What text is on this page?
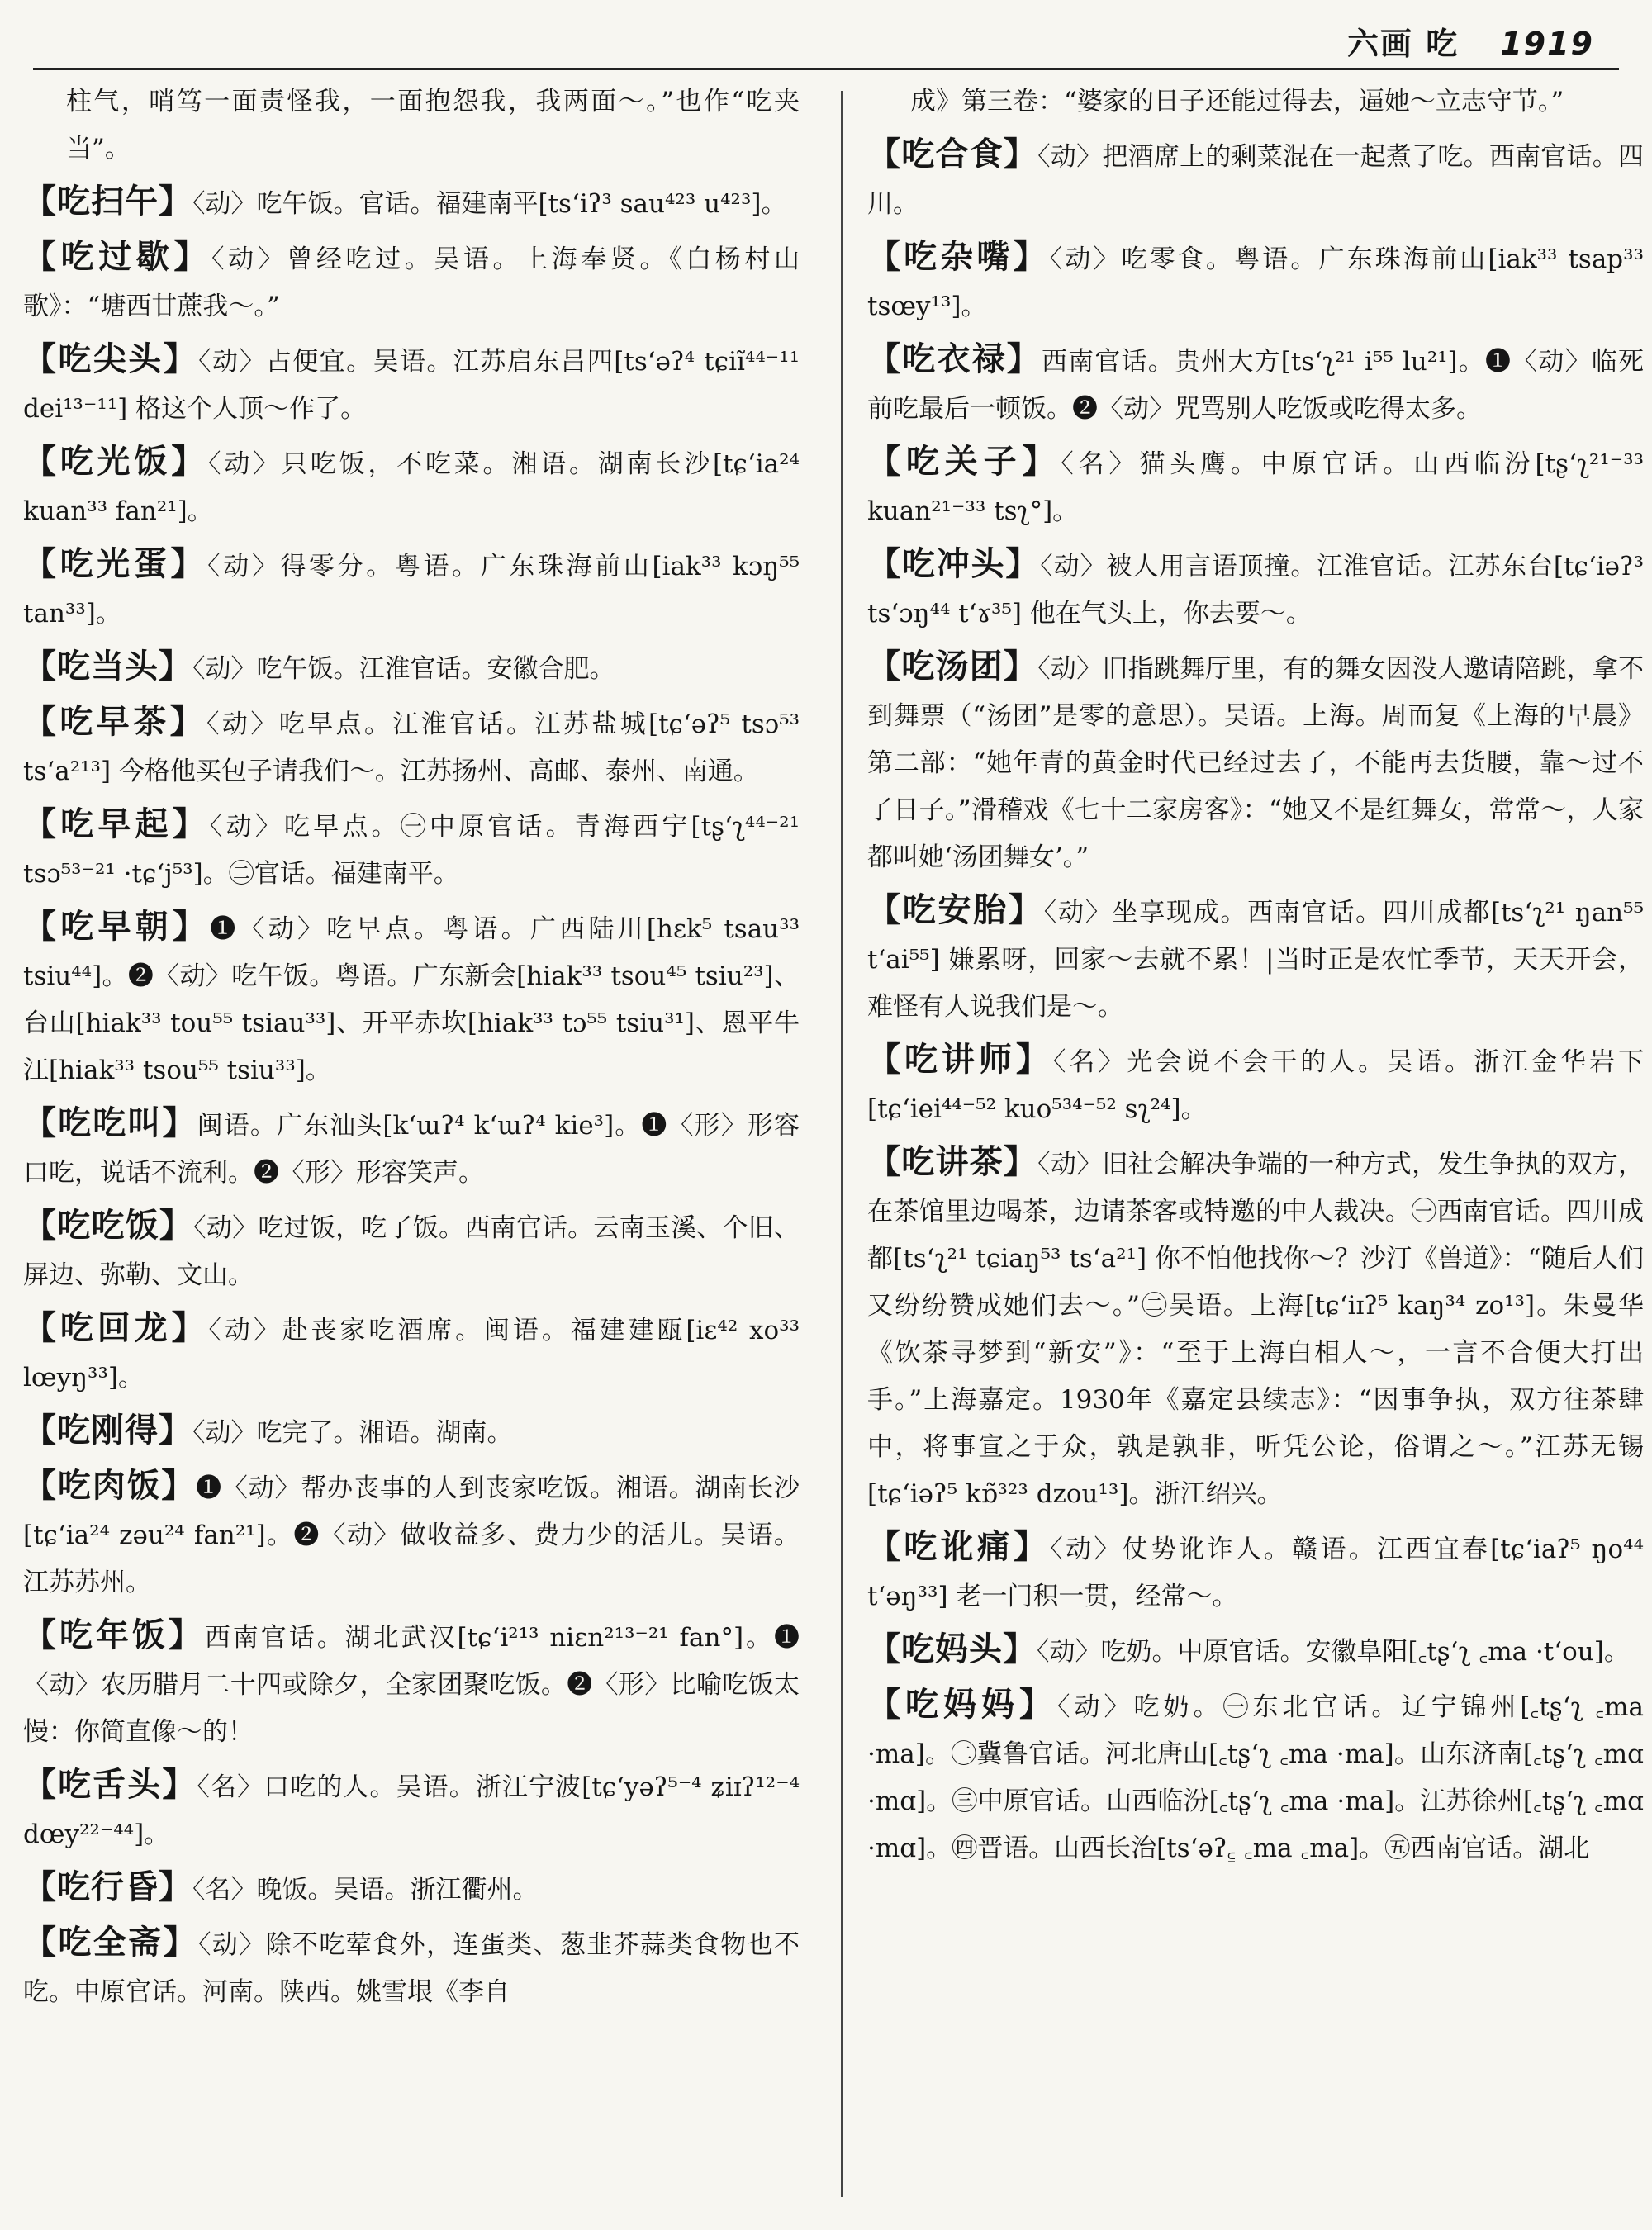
六画 吃 1919

柱气，哨笃一面责怪我，一面抱怨我，我两面～。”也作“吃夹当”。

【吃扫午】〈动〉吃午饭。官话。福建南平[tsʻiʔ³ sau⁴²³ u⁴²³]。

【吃过歇】〈动〉曾经吃过。吴语。上海奉贤。《白杨村山歌》：“塘西甘蔗我～。”

【吃尖头】〈动〉占便宜。吴语。江苏启东吕四[tsʻəʔ⁴ tɕiĩ⁴⁴⁻¹¹ dei¹³⁻¹¹] 格这个人顶～作了。

【吃光饭】〈动〉只吃饭，不吃菜。湘语。湖南长沙[tɕʻia²⁴ kuan³³ fan²¹]。

【吃光蛋】〈动〉得零分。粤语。广东珠海前山[iak³³ kɔŋ⁵⁵ tan³³]。

【吃当头】〈动〉吃午饭。江淮官话。安徽合肥。

【吃早茶】〈动〉吃早点。江淮官话。江苏盐城[tɕʻəʔ⁵ tsɔ⁵³ tsʻa²¹³] 今格他买包子请我们～。江苏扬州、高邮、泰州、南通。

【吃早起】〈动〉吃早点。㊀中原官话。青海西宁[tʂʻʅ⁴⁴⁻²¹ tsɔ⁵³⁻²¹ ·tɕʻj⁵³]。㊁官话。福建南平。

【吃早朝】❶〈动〉吃早点。粤语。广西陆川[hɛk⁵ tsau³³ tsiu⁴⁴]。❷〈动〉吃午饭。粤语。广东新会[hiak³³ tsou⁴⁵ tsiu²³]、台山[hiak³³ tou⁵⁵ tsiau³³]、开平赤坎[hiak³³ tɔ⁵⁵ tsiu³¹]、恩平牛江[hiak³³ tsou⁵⁵ tsiu³³]。

【吃吃叫】闽语。广东汕头[kʻɯʔ⁴ kʻɯʔ⁴ kie³]。❶〈形〉形容口吃，说话不流利。❷〈形〉形容笑声。

【吃吃饭】〈动〉吃过饭，吃了饭。西南官话。云南玉溪、个旧、屏边、弥勒、文山。

【吃回龙】〈动〉赴丧家吃酒席。闽语。福建建瓯[iɛ⁴² xo³³ lœyŋ³³]。

【吃刚得】〈动〉吃完了。湘语。湖南。

【吃肉饭】❶〈动〉帮办丧事的人到丧家吃饭。湘语。湖南长沙[tɕʻia²⁴ zəu²⁴ fan²¹]。❷〈动〉做收益多、费力少的活儿。吴语。江苏苏州。

【吃年饭】西南官话。湖北武汉[tɕʻi²¹³ niɛn²¹³⁻²¹ fan°]。❶〈动〉农历腊月二十四或除夕，全家团聚吃饭。❷〈形〉比喻吃饭太慢：你简直像～的！

【吃舌头】〈名〉口吃的人。吴语。浙江宁波[tɕʻyəʔ⁵⁻⁴ ʑiɪʔ¹²⁻⁴ dœy²²⁻⁴⁴]。

【吃行昏】〈名〉晚饭。吴语。浙江衢州。

【吃全斋】〈动〉除不吃荤食外，连蛋类、葱韭芥蒜类食物也不吃。中原官话。河南。陕西。姚雪垠《李自

成》第三卷：“婆家的日子还能过得去，逼她～立志守节。”

【吃合食】〈动〉把酒席上的剩菜混在一起煮了吃。西南官话。四川。

【吃杂嘴】〈动〉吃零食。粤语。广东珠海前山[iak³³ tsap³³ tsœy¹³]。

【吃衣禄】西南官话。贵州大方[tsʻʅ²¹ i⁵⁵ lu²¹]。❶〈动〉临死前吃最后一顿饭。❷〈动〉咒骂别人吃饭或吃得太多。

【吃关子】〈名〉猫头鹰。中原官话。山西临汾[tʂʻʅ²¹⁻³³ kuan²¹⁻³³ tsʅ°]。

【吃冲头】〈动〉被人用言语顶撞。江淮官话。江苏东台[tɕʻiəʔ³ tsʻɔŋ⁴⁴ tʻɤ³⁵] 他在气头上，你去要～。

【吃汤团】〈动〉旧指跳舞厅里，有的舞女因没人邀请陪跳，拿不到舞票（“汤团”是零的意思）。吴语。上海。周而复《上海的早晨》第二部：“她年青的黄金时代已经过去了，不能再去货腰，靠～过不了日子。”滑稽戏《七十二家房客》：“她又不是红舞女，常常～，人家都叫她‘汤团舞女’。”

【吃安胎】〈动〉坐享现成。西南官话。四川成都[tsʻʅ²¹ ŋan⁵⁵ tʻai⁵⁵] 嫌累呀，回家～去就不累！|当时正是农忙季节，天天开会，难怪有人说我们是～。

【吃讲师】〈名〉光会说不会干的人。吴语。浙江金华岩下[tɕʻiei⁴⁴⁻⁵² kuo⁵³⁴⁻⁵² sʅ²⁴]。

【吃讲茶】〈动〉旧社会解决争端的一种方式，发生争执的双方，在茶馆里边喝茶，边请茶客或特邀的中人裁决。㊀西南官话。四川成都[tsʻʅ²¹ tɕiaŋ⁵³ tsʻa²¹] 你不怕他找你～？沙汀《兽道》：“随后人们又纷纷赞成她们去～。”㊁吴语。上海[tɕʻiɪʔ⁵ kaŋ³⁴ zo¹³]。朱曼华《饮茶寻梦到“新安”》：“至于上海白相人～，一言不合便大打出手。”上海嘉定。1930年《嘉定县续志》：“因事争执，双方往茶肆中，将事宣之于众，孰是孰非，听凭公论，俗谓之～。”江苏无锡[tɕʻiəʔ⁵ kɒ̃³²³ dzou¹³]。浙江绍兴。

【吃讹痛】〈动〉仗势讹诈人。赣语。江西宜春[tɕʻiaʔ⁵ ŋo⁴⁴ tʻəŋ³³] 老一门积一贯，经常～。

【吃妈头】〈动〉吃奶。中原官话。安徽阜阳[꜀tʂʻʅ ꜀ma ·tʻou]。

【吃妈妈】〈动〉吃奶。㊀东北官话。辽宁锦州[꜀tʂʻʅ ꜀ma ·ma]。㊁冀鲁官话。河北唐山[꜀tʂʻʅ ꜀ma ·ma]。山东济南[꜀tʂʻʅ ꜀mɑ ·mɑ]。㊂中原官话。山西临汾[꜀tʂʻʅ ꜀ma ·ma]。江苏徐州[꜀tʂʻʅ ꜀mɑ ·mɑ]。㊃晋语。山西长治[tsʻəʔ꜁ ꜀ma ꜀ma]。㊄西南官话。湖北
